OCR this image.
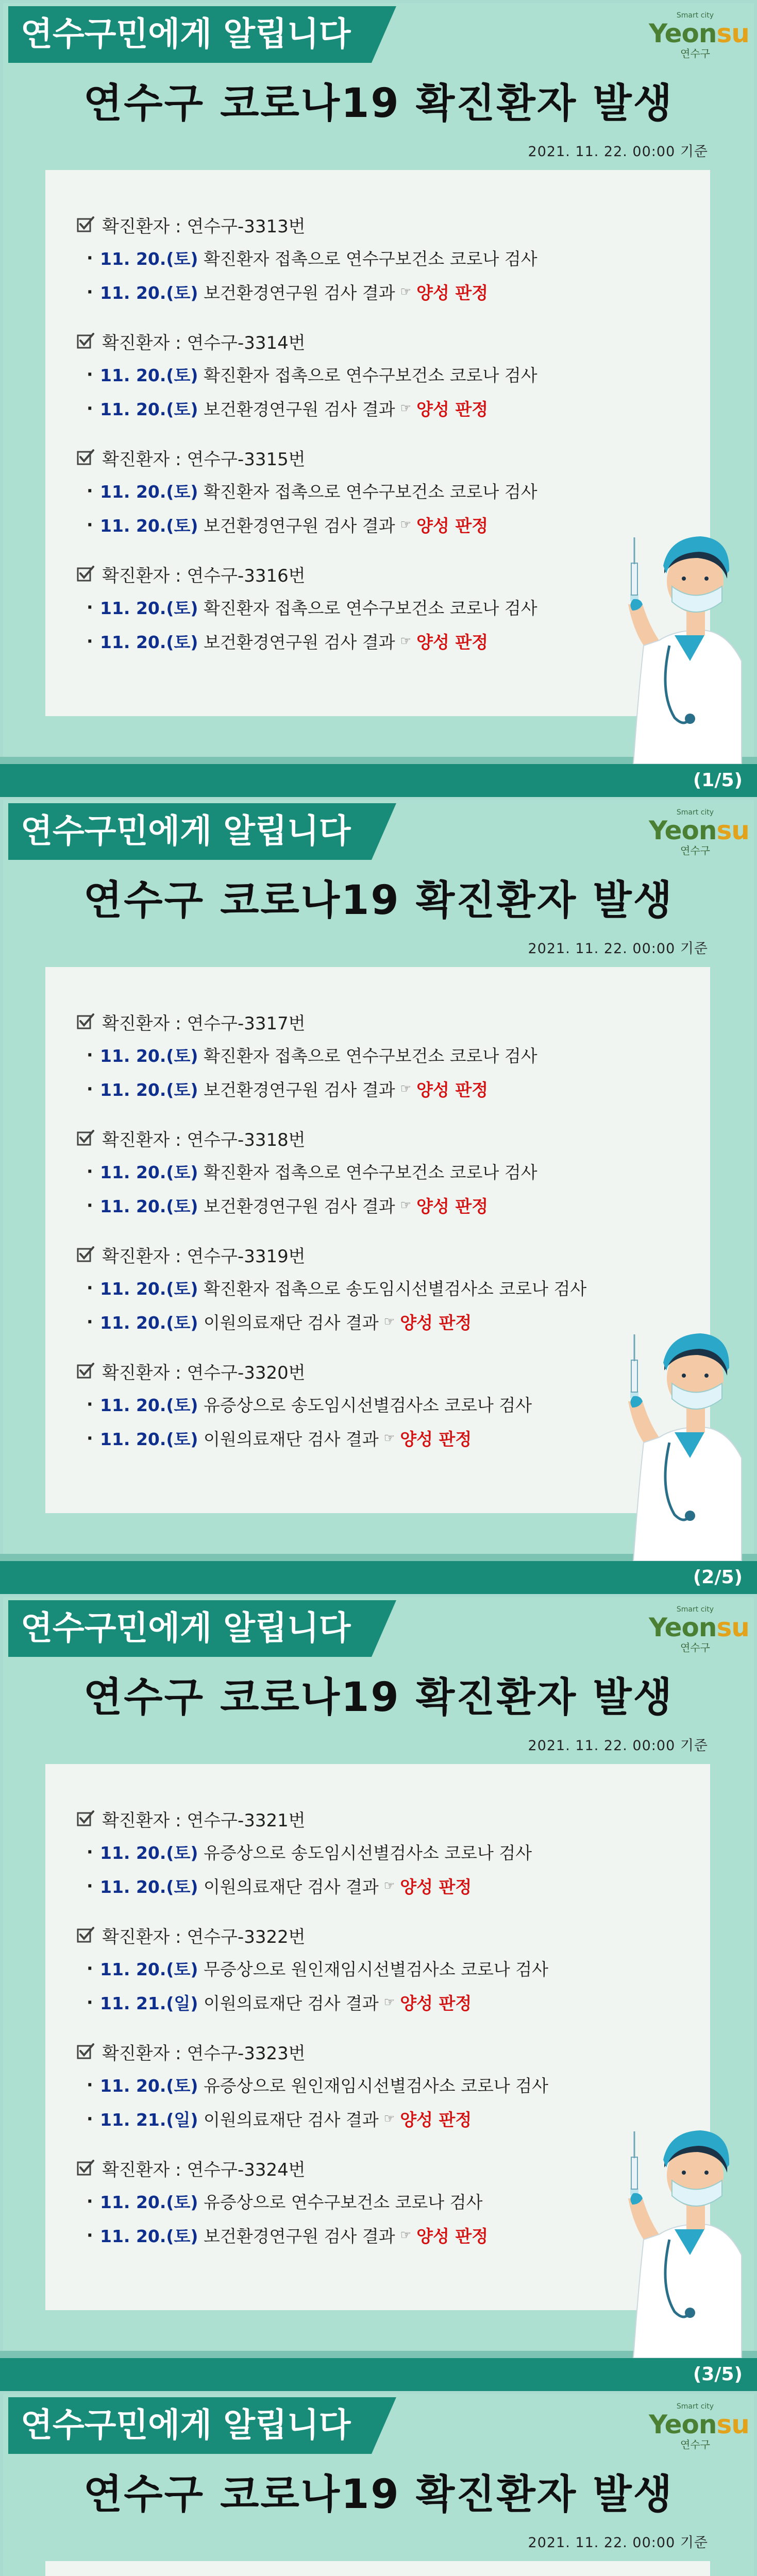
연수구민에게 알립니다	Smart city
Yeonsu
연수구
연수구 코로나19 확진환자 발생
2021. 11. 22. 00:00 기준
확진환자 : 연수구-3313번
· 11. 20.(토)
확진환자 접촉으로 연수구보건소 코로나 검사
· 11. 20.(토)
보건환경연구원 검사 결과 ☞ 양성 판정
확진환자 : 연수구-3314번
· 11. 20.(토)
확진환자 접촉으로 연수구보건소 코로나 검사
· 11. 20.(토)
보건환경연구원 검사 결과 ☞ 양성 판정
확진환자 : 연수구-3315번
· 11. 20.(토)
확진환자 접촉으로 연수구보건소 코로나 검사
· 11. 20.(토)
보건환경연구원 검사 결과 ☞ 양성 판정
확진환자 : 연수구-3316번
· 11. 20.(토)
확진환자 접촉으로 연수구보건소 코로나 검사
· 11. 20.(토)
보건환경연구원 검사 결과 ☞ 양성 판정
(1/5)
연수구민에게 알립니다	Smart city
Yeonsu
연수구
연수구 코로나19 확진환자 발생
2021. 11. 22. 00:00 기준
확진환자 : 연수구-3317번
· 11. 20.(토)
확진환자 접촉으로 연수구보건소 코로나 검사
· 11. 20.(토)
보건환경연구원 검사 결과 ☞ 양성 판정
확진환자 : 연수구-3318번
· 11. 20.(토)
확진환자 접촉으로 연수구보건소 코로나 검사
· 11. 20.(토)
보건환경연구원 검사 결과 ☞ 양성 판정
확진환자 : 연수구-3319번
· 11. 20.(토)
확진환자 접촉으로 송도임시선별검사소 코로나 검사
· 11. 20.(토)
이원의료재단 검사 결과 ☞ 양성 판정
확진환자 : 연수구-3320번
· 11. 20.(토)
유증상으로 송도임시선별검사소 코로나 검사
· 11. 20.(토)
이원의료재단 검사 결과 ☞ 양성 판정
(2/5)
연수구민에게 알립니다	Smart city
Yeonsu
연수구
연수구 코로나19 확진환자 발생
2021. 11. 22. 00:00 기준
확진환자 : 연수구-3321번
· 11. 20.(토)
유증상으로 송도임시선별검사소 코로나 검사
· 11. 20.(토)
이원의료재단 검사 결과 ☞ 양성 판정
확진환자 : 연수구-3322번
· 11. 20.(토)
무증상으로 원인재임시선별검사소 코로나 검사
· 11. 21.(일)
이원의료재단 검사 결과 ☞ 양성 판정
확진환자 : 연수구-3323번
· 11. 20.(토)
유증상으로 원인재임시선별검사소 코로나 검사
· 11. 21.(일)
이원의료재단 검사 결과 ☞ 양성 판정
확진환자 : 연수구-3324번
· 11. 20.(토)
유증상으로 연수구보건소 코로나 검사
· 11. 20.(토)
보건환경연구원 검사 결과 ☞ 양성 판정
(3/5)
연수구민에게 알립니다	Smart city
Yeonsu
연수구
연수구 코로나19 확진환자 발생
2021. 11. 22. 00:00 기준
